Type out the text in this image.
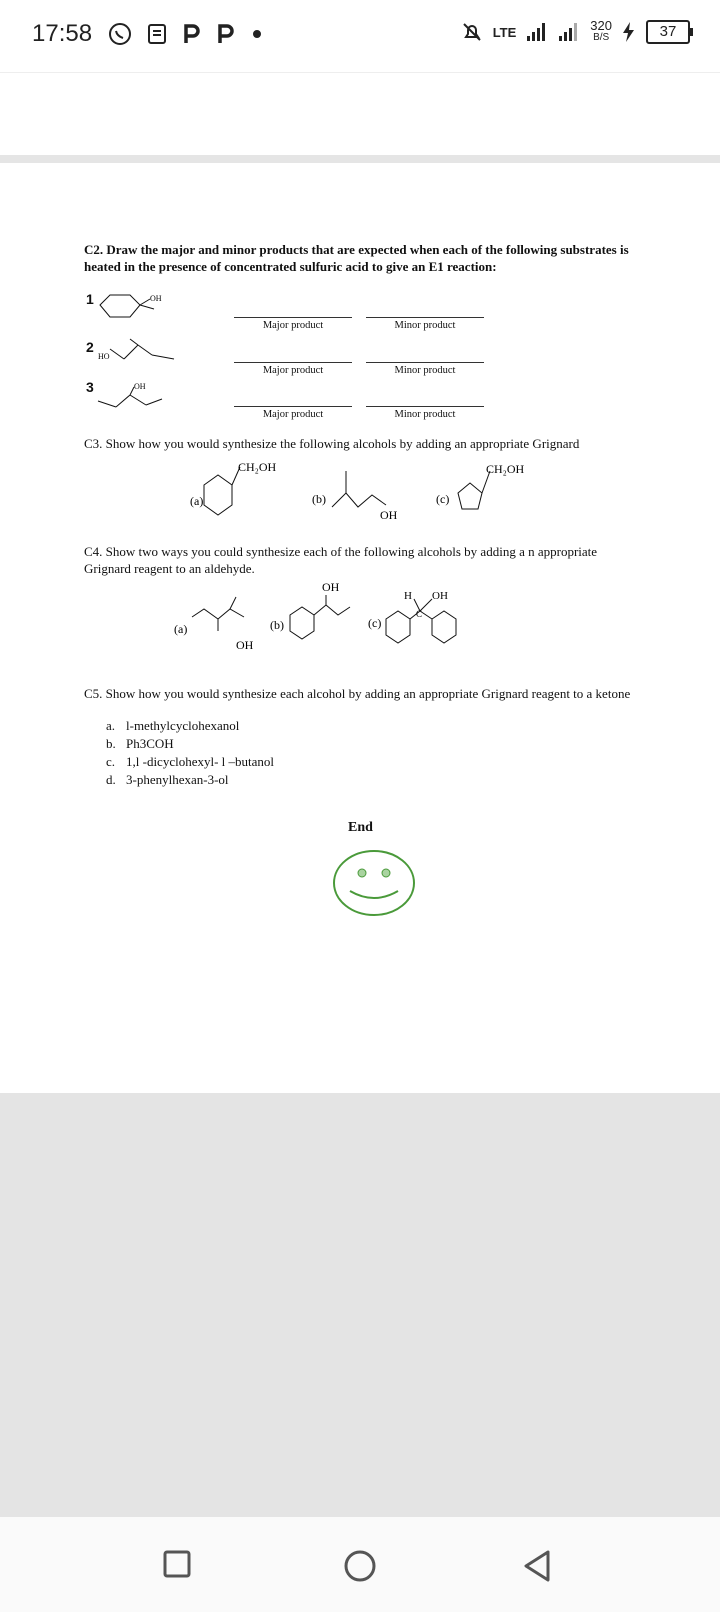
17:58	LTE	320
B/S	37
C2. Draw the major and minor products that are expected when each of the following substrates is heated in the presence of concentrated sulfuric acid to give an E1 reaction:
1	OH
Major product	Minor product
2
HO
Major product	Minor product
3	OH
Major product	Minor product
C3. Show how you would synthesize the following alcohols by adding an appropriate Grignard
(a)
CH₂OH
(b)
OH
(c)
CH₂OH
C4. Show two ways you could synthesize each of the following alcohols by adding a n appropriate Grignard reagent to an aldehyde.
(a)
OH
(b)
OH
(c)
H
C
OH
C5. Show how you would synthesize each alcohol by adding an appropriate Grignard reagent to a ketone
a. l-methylcyclohexanol
b. Ph3COH
c. 1,l -dicyclohexyl- l –butanol
d. 3-phenylhexan-3-ol
End
